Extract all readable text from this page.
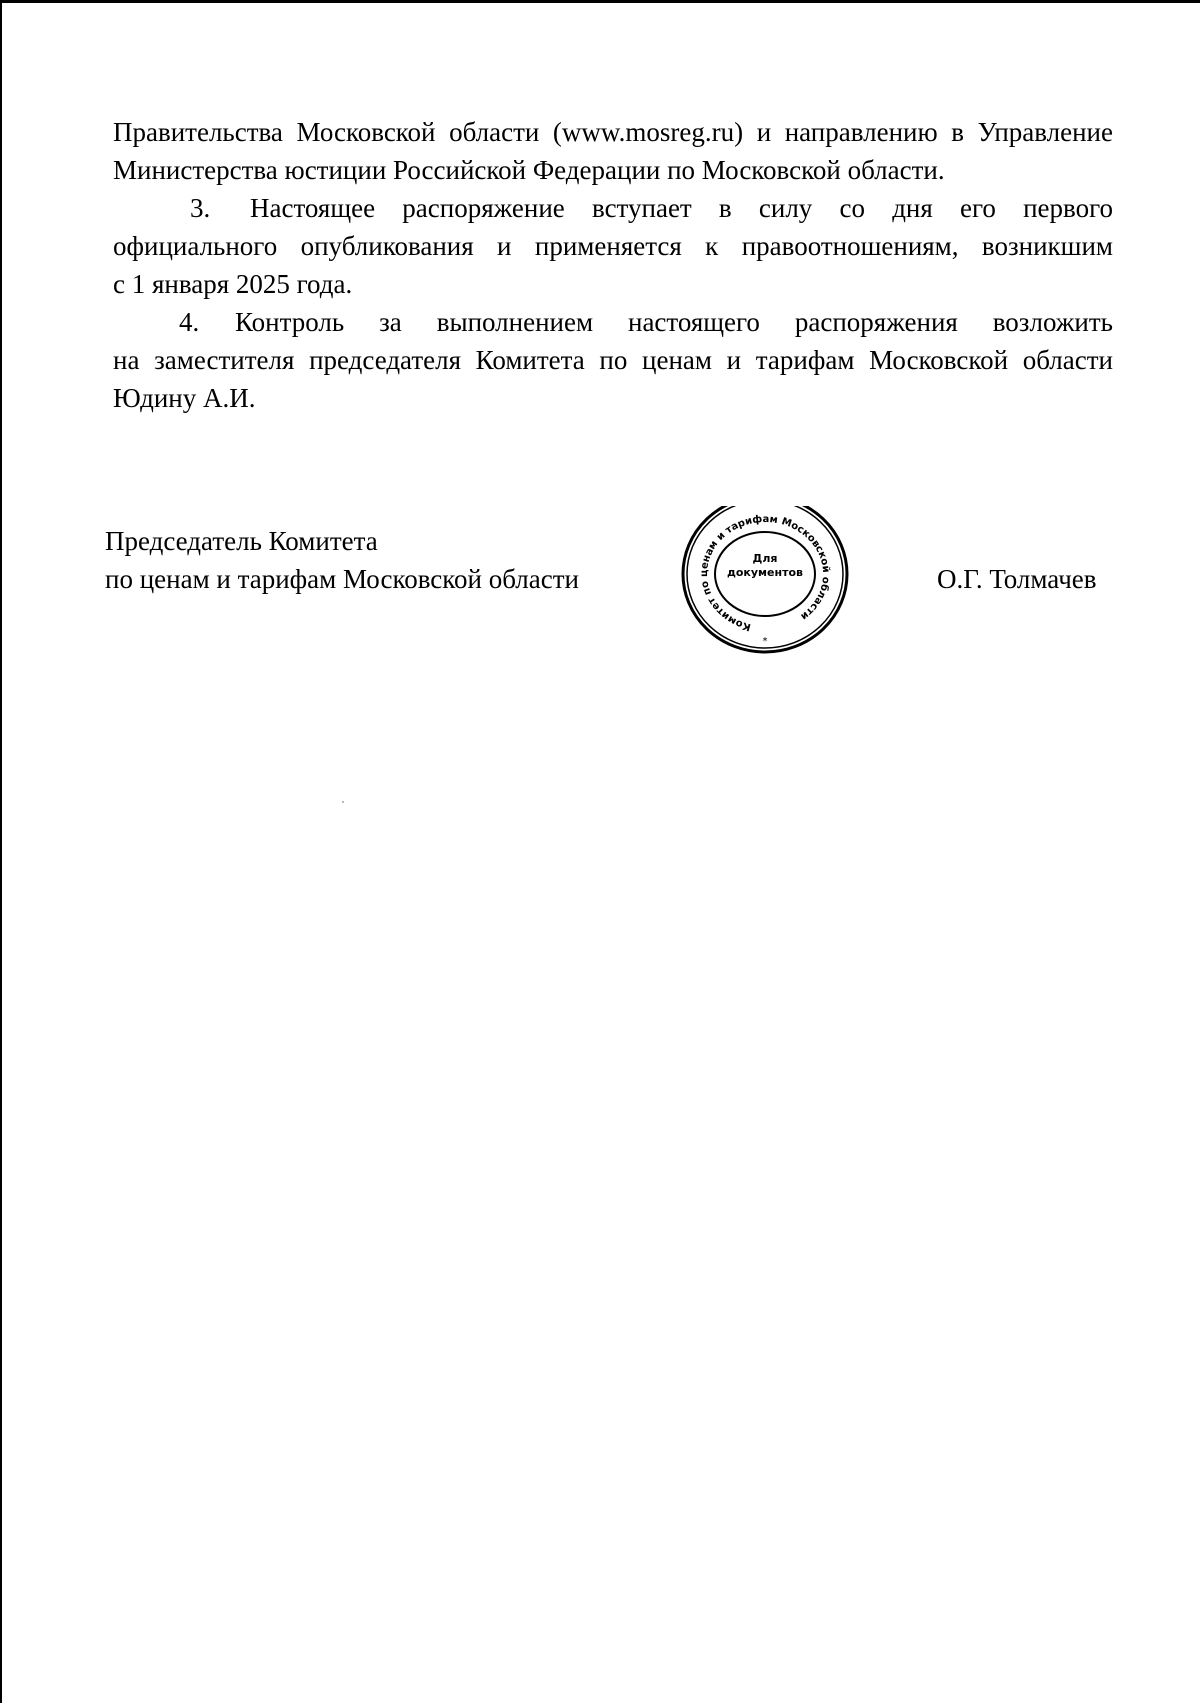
Правительства Московской области (www.mosreg.ru) и направлению в Управление
Министерства юстиции Российской Федерации по Московской области.

3. Настоящее распоряжение вступает в силу со дня его первого
официального опубликования и применяется к правоотношениям, возникшим
с 1 января 2025 года.

4. Контроль за выполнением настоящего распоряжения возложить
на заместителя председателя Комитета по ценам и тарифам Московской области
Юдину А.И.

Председатель Комитета
по ценам и тарифам Московской области	О.Г. Толмачев
Комитет по ценам и тарифам Московской области
*
Для
документов
